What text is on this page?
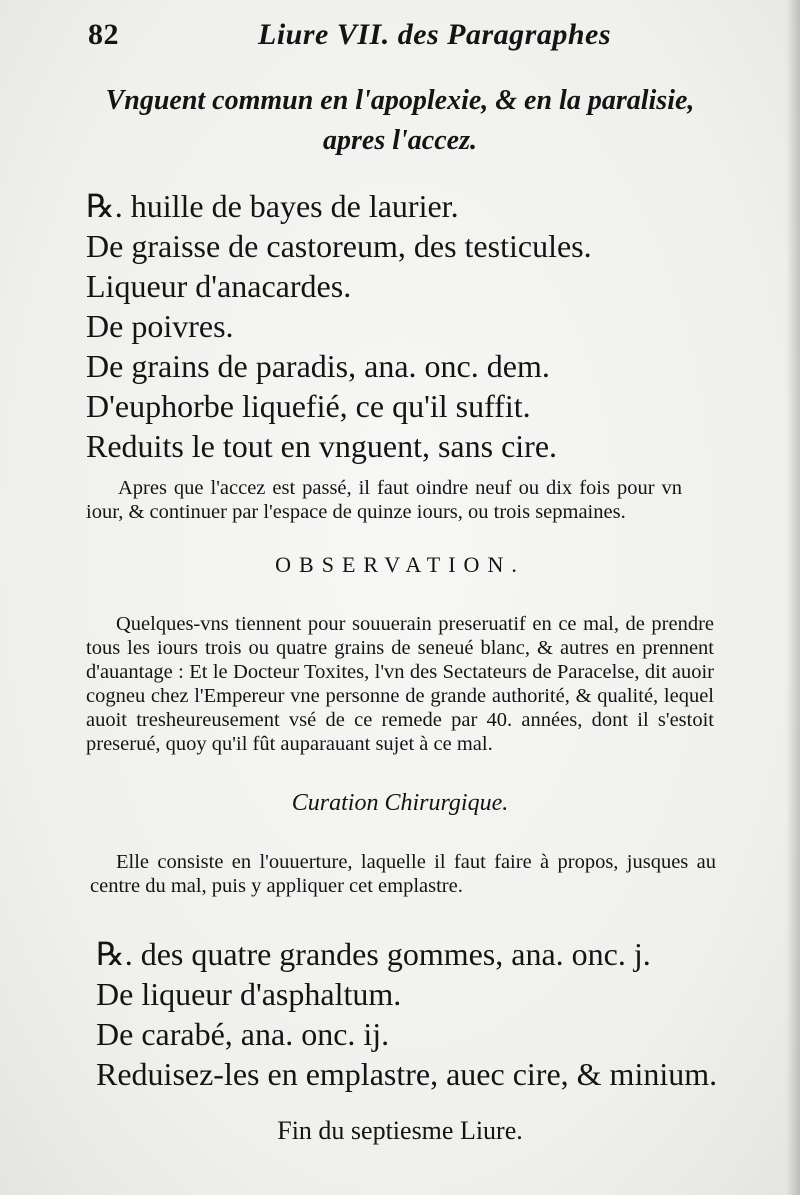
82	Liure VII. des Paragraphes
Vnguent commun en l'apoplexie, & en la paralisie,
apres l'accez.
℞. huille de bayes de laurier.
De graisse de castoreum, des testicules.
Liqueur d'anacardes.
De poivres.
De grains de paradis, ana. onc. dem.
D'euphorbe liquefié, ce qu'il suffit.
Reduits le tout en vnguent, sans cire.
Apres que l'accez est passé, il faut oindre neuf ou dix fois pour vn iour, & continuer par l'espace de quinze iours, ou trois sepmaines.
OBSERVATION.
Quelques-vns tiennent pour souuerain preseruatif en ce mal, de prendre tous les iours trois ou quatre grains de seneué blanc, & autres en prennent d'auantage : Et le Docteur Toxites, l'vn des Sectateurs de Paracelse, dit auoir cogneu chez l'Empereur vne personne de grande authorité, & qualité, lequel auoit tresheureusement vsé de ce remede par 40. années, dont il s'estoit preserué, quoy qu'il fût auparauant sujet à ce mal.
Curation Chirurgique.
Elle consiste en l'ouuerture, laquelle il faut faire à propos, jusques au centre du mal, puis y appliquer cet emplastre.
℞. des quatre grandes gommes, ana. onc. j.
De liqueur d'asphaltum.
De carabé, ana. onc. ij.
Reduisez-les en emplastre, auec cire, & minium.
Fin du septiesme Liure.
